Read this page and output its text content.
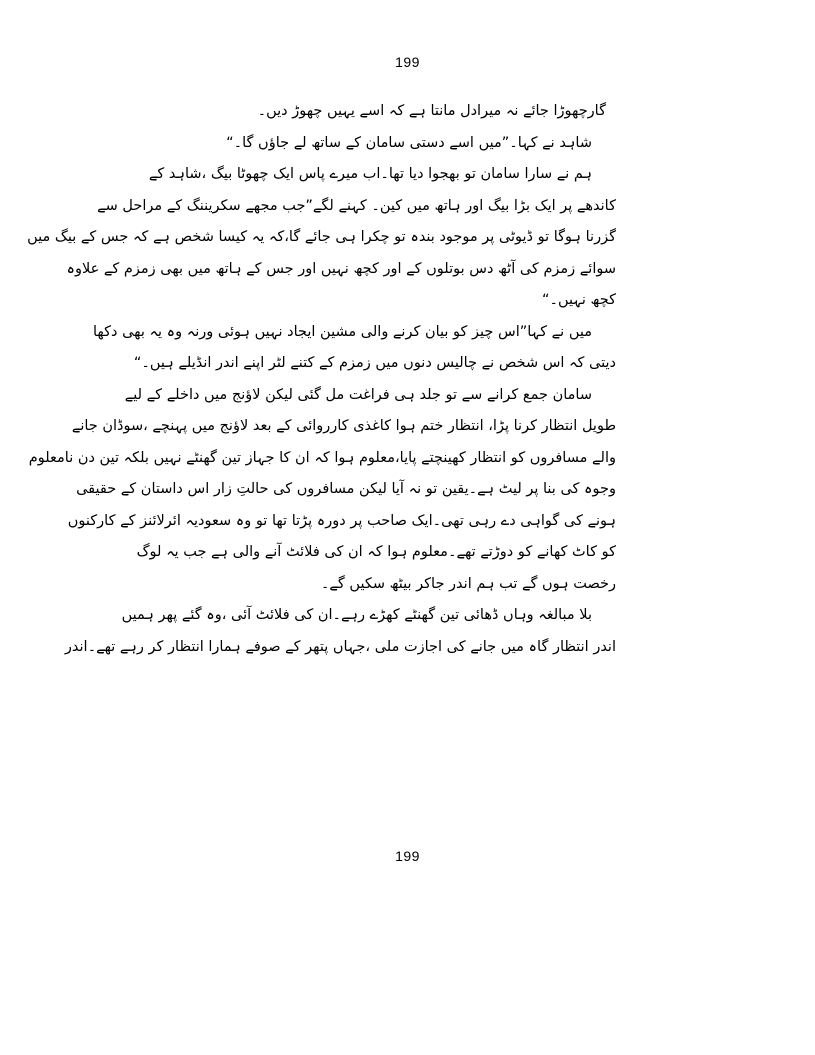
199
گارچھوڑا جائے نہ میرادل مانتا ہے کہ اسے یہیں چھوڑ دیں۔
شاہد نے کہا۔”میں اسے دستی سامان کے ساتھ لے جاؤں گا۔“
ہم نے سارا سامان تو بھجوا دیا تھا۔اب میرے پاس ایک چھوٹا بیگ ،شاہد کے
کاندھے پر ایک بڑا بیگ اور ہاتھ میں کین۔ کہنے لگے”جب مجھے سکریننگ کے مراحل سے
گزرنا ہوگا تو ڈیوٹی پر موجود بندہ تو چکرا ہی جائے گا،کہ یہ کیسا شخص ہے کہ جس کے بیگ میں
سوائے زمزم کی آٹھ دس بوتلوں کے اور کچھ نہیں اور جس کے ہاتھ میں بھی زمزم کے علاوہ
کچھ نہیں۔“
میں نے کہا”اس چیز کو بیان کرنے والی مشین ایجاد نہیں ہوئی ورنہ وہ یہ بھی دکھا
دیتی کہ اس شخص نے چالیس دنوں میں زمزم کے کتنے لٹر اپنے اندر انڈیلے ہیں۔“
سامان جمع کرانے سے تو جلد ہی فراغت مل گئی لیکن لاؤنج میں داخلے کے لیے
طویل انتظار کرنا پڑا، انتظار ختم ہوا کاغذی کارروائی کے بعد لاؤنج میں پہنچے ،سوڈان جانے
والے مسافروں کو انتظار کھینچتے پایا،معلوم ہوا کہ ان کا جہاز تین گھنٹے نہیں بلکہ تین دن نامعلوم
وجوہ کی بنا پر لیٹ ہے۔یقین تو نہ آیا لیکن مسافروں کی حالتِ زار اس داستان کے حقیقی
ہونے کی گواہی دے رہی تھی۔ایک صاحب پر دورہ پڑتا تھا تو وہ سعودیہ ائرلائنز کے کارکنوں
کو کاٹ کھانے کو دوڑتے تھے۔معلوم ہوا کہ ان کی فلائٹ آنے والی ہے جب یہ لوگ
رخصت ہوں گے تب ہم اندر جاکر بیٹھ سکیں گے۔
بلا مبالغہ وہاں ڈھائی تین گھنٹے کھڑے رہے۔ان کی فلائٹ آئی ،وہ گئے پھر ہمیں
اندر انتظار گاہ میں جانے کی اجازت ملی ،جہاں پتھر کے صوفے ہمارا انتظار کر رہے تھے۔اندر
199
